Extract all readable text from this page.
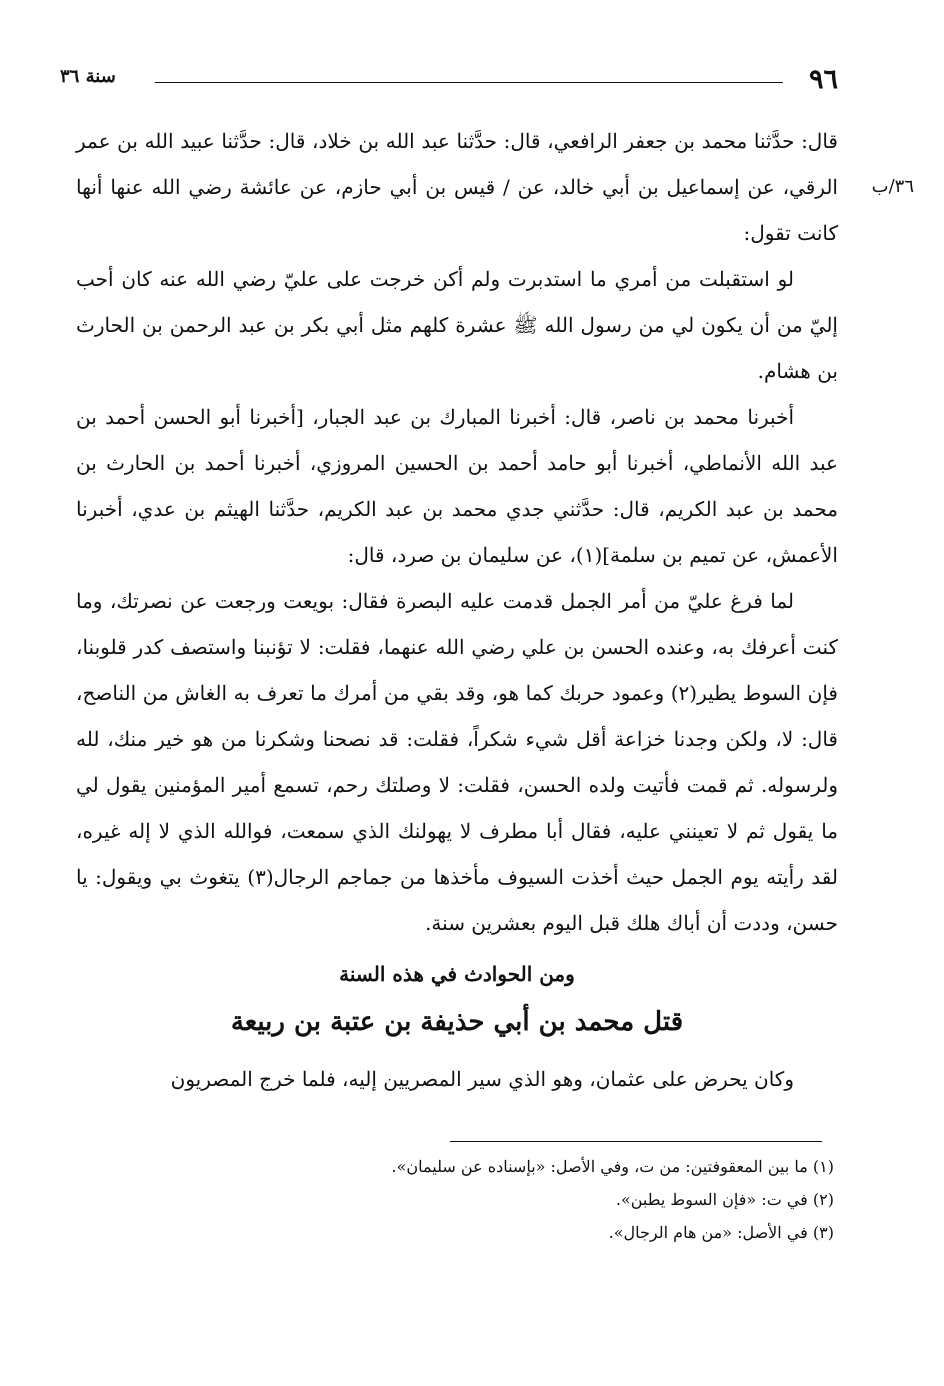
٩٦
سنة ٣٦
٣٦/ب

قال: حدَّثنا محمد بن جعفر الرافعي، قال: حدَّثنا عبد الله بن خلاد، قال: حدَّثنا عبيد الله بن عمر الرقي، عن إسماعيل بن أبي خالد، عن / قيس بن أبي حازم، عن عائشة رضي الله عنها أنها كانت تقول:

لو استقبلت من أمري ما استدبرت ولم أكن خرجت على عليّ رضي الله عنه كان أحب إليّ من أن يكون لي من رسول الله ﷺ عشرة كلهم مثل أبي بكر بن عبد الرحمن بن الحارث بن هشام.

أخبرنا محمد بن ناصر، قال: أخبرنا المبارك بن عبد الجبار، [أخبرنا أبو الحسن أحمد بن عبد الله الأنماطي، أخبرنا أبو حامد أحمد بن الحسين المروزي، أخبرنا أحمد بن الحارث بن محمد بن عبد الكريم، قال: حدَّثني جدي محمد بن عبد الكريم، حدَّثنا الهيثم بن عدي، أخبرنا الأعمش، عن تميم بن سلمة](١)، عن سليمان بن صرد، قال:

لما فرغ عليّ من أمر الجمل قدمت عليه البصرة فقال: بويعت ورجعت عن نصرتك، وما كنت أعرفك به، وعنده الحسن بن علي رضي الله عنهما، فقلت: لا تؤنبنا واستصف كدر قلوبنا، فإن السوط يطير(٢) وعمود حربك كما هو، وقد بقي من أمرك ما تعرف به الغاش من الناصح، قال: لا، ولكن وجدنا خزاعة أقل شيء شكراً، فقلت: قد نصحنا وشكرنا من هو خير منك، لله ولرسوله. ثم قمت فأتيت ولده الحسن، فقلت: لا وصلتك رحم، تسمع أمير المؤمنين يقول لي ما يقول ثم لا تعينني عليه، فقال أبا مطرف لا يهولنك الذي سمعت، فوالله الذي لا إله غيره، لقد رأيته يوم الجمل حيث أخذت السيوف مأخذها من جماجم الرجال(٣) يتغوث بي ويقول: يا حسن، وددت أن أباك هلك قبل اليوم بعشرين سنة.

ومن الحوادث في هذه السنة
قتل محمد بن أبي حذيفة بن عتبة بن ربيعة

وكان يحرض على عثمان، وهو الذي سير المصريين إليه، فلما خرج المصريون

(١) ما بين المعقوفتين: من ت، وفي الأصل: «بإسناده عن سليمان».
(٢) في ت: «فإن السوط يطبن».
(٣) في الأصل: «من هام الرجال».
